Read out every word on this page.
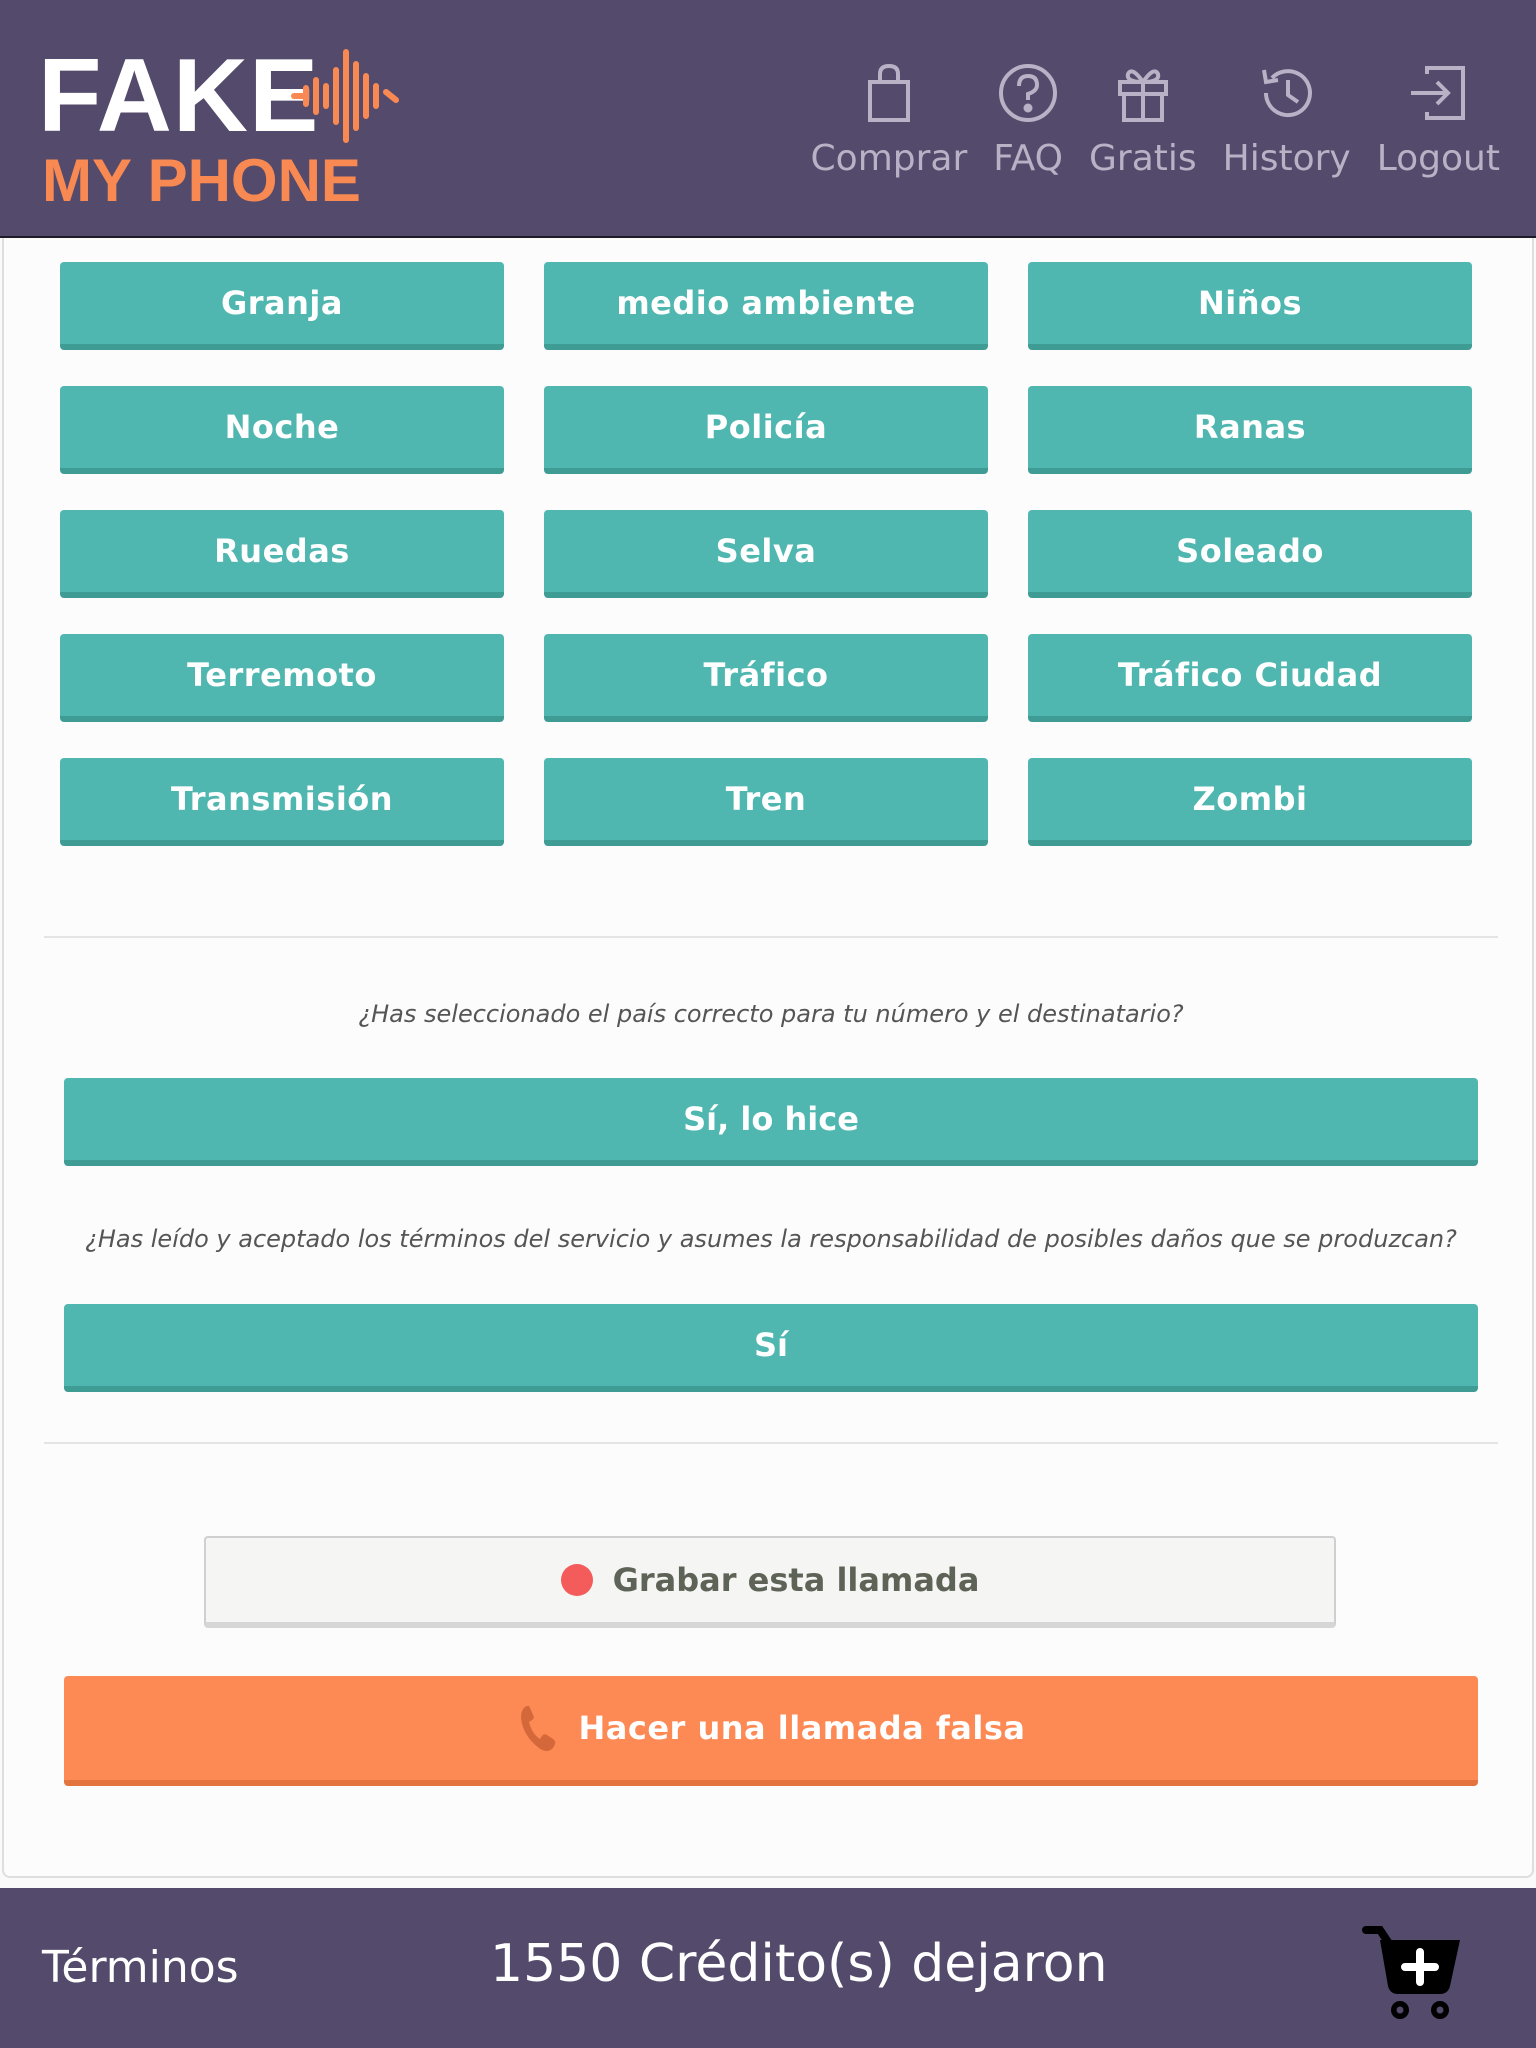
FAKE
MY PHONE	Comprar FAQ Gratis History Logout
Granja	medio ambiente	Niños
Noche	Policía	Ranas
Ruedas	Selva	Soleado
Terremoto	Tráfico	Tráfico Ciudad
Transmisión	Tren	Zombi
¿Has seleccionado el país correcto para tu número y el destinatario?
Sí, lo hice
¿Has leído y aceptado los términos del servicio y asumes la responsabilidad de posibles daños que se produzcan?
Sí
Grabar esta llamada
Hacer una llamada falsa
Términos	1550 Crédito(s) dejaron
